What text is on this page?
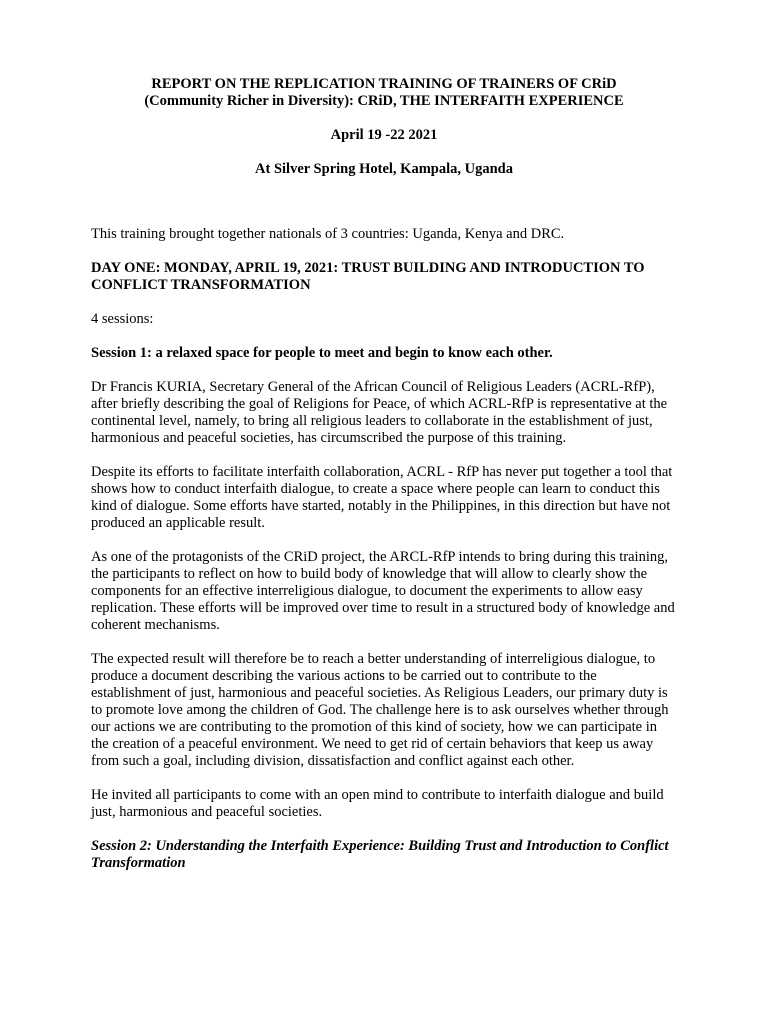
REPORT ON THE REPLICATION TRAINING OF TRAINERS OF CRiD

(Community Richer in Diversity): CRiD, THE INTERFAITH EXPERIENCE

April 19 -22 2021

At Silver Spring Hotel, Kampala, Uganda

This training brought together nationals of 3 countries: Uganda, Kenya and DRC.

DAY ONE: MONDAY, APRIL 19, 2021: TRUST BUILDING AND INTRODUCTION TO CONFLICT TRANSFORMATION

4 sessions:

Session 1: a relaxed space for people to meet and begin to know each other.

Dr Francis KURIA, Secretary General of the African Council of Religious Leaders (ACRL-RfP), after briefly describing the goal of Religions for Peace, of which ACRL-RfP is representative at the continental level, namely, to bring all religious leaders to collaborate in the establishment of just, harmonious and peaceful societies, has circumscribed the purpose of this training.

Despite its efforts to facilitate interfaith collaboration, ACRL - RfP has never put together a tool that shows how to conduct interfaith dialogue, to create a space where people can learn to conduct this kind of dialogue. Some efforts have started, notably in the Philippines, in this direction but have not produced an applicable result.

As one of the protagonists of the CRiD project, the ARCL-RfP intends to bring during this training, the participants to reflect on how to build body of knowledge that will allow to clearly show the components for an effective interreligious dialogue, to document the experiments to allow easy replication. These efforts will be improved over time to result in a structured body of knowledge and coherent mechanisms.

The expected result will therefore be to reach a better understanding of interreligious dialogue, to produce a document describing the various actions to be carried out to contribute to the establishment of just, harmonious and peaceful societies. As Religious Leaders, our primary duty is to promote love among the children of God. The challenge here is to ask ourselves whether through our actions we are contributing to the promotion of this kind of society, how we can participate in the creation of a peaceful environment. We need to get rid of certain behaviors that keep us away from such a goal, including division, dissatisfaction and conflict against each other.

He invited all participants to come with an open mind to contribute to interfaith dialogue and build just, harmonious and peaceful societies.

Session 2: Understanding the Interfaith Experience: Building Trust and Introduction to Conflict Transformation
